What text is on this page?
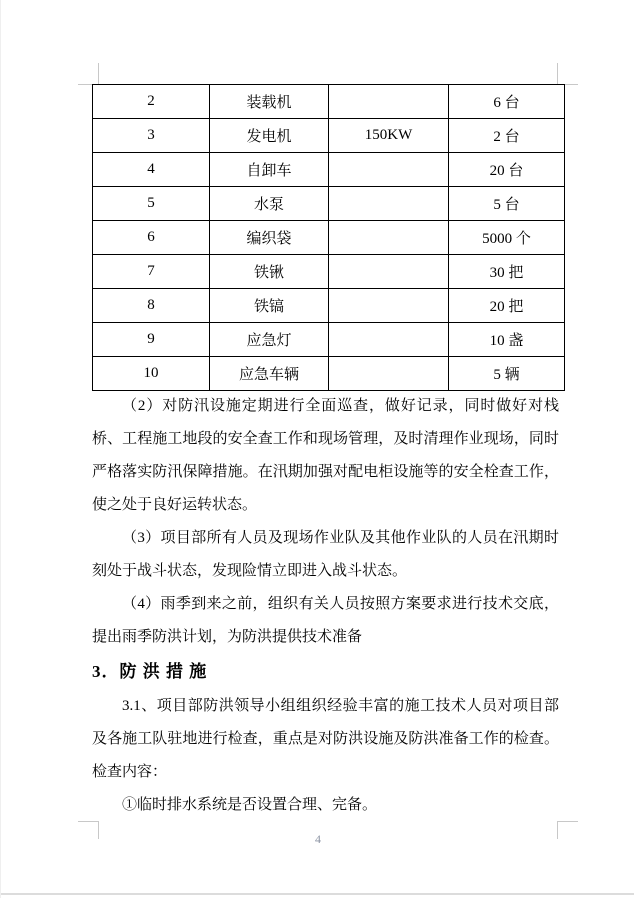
2	装载机		6 台
3	发电机	150KW	2 台
4	自卸车		20 台
5	水泵		5 台
6	编织袋		5000 个
7	铁锹		30 把
8	铁镐		20 把
9	应急灯		10 盏
10	应急车辆		5 辆

（2）对防汛设施定期进行全面巡查，做好记录，同时做好对栈桥、工程施工地段的安全查工作和现场管理，及时清理作业现场，同时严格落实防汛保障措施。在汛期加强对配电柜设施等的安全栓查工作，使之处于良好运转状态。

（3）项目部所有人员及现场作业队及其他作业队的人员在汛期时刻处于战斗状态，发现险情立即进入战斗状态。

（4）雨季到来之前，组织有关人员按照方案要求进行技术交底，提出雨季防洪计划，为防洪提供技术准备

3．防 洪 措 施

3.1、项目部防洪领导小组组织经验丰富的施工技术人员对项目部及各施工队驻地进行检查，重点是对防洪设施及防洪准备工作的检查。检查内容：

①临时排水系统是否设置合理、完备。

4
